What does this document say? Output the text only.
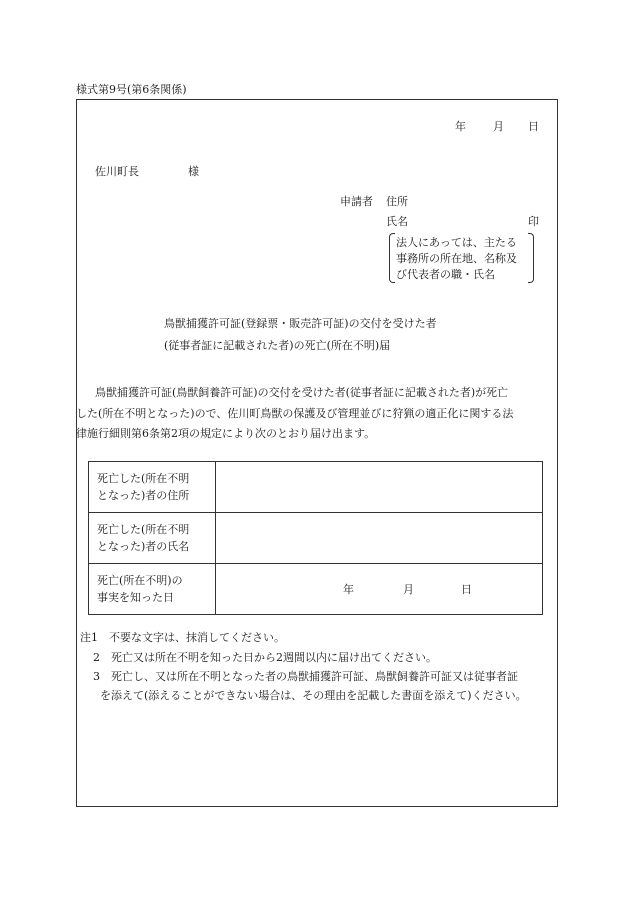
様式第9号(第6条関係)
年 月 日
佐川町長	様
申請者 住所
氏名	印
法人にあっては、主たる
事務所の所在地、名称及
び代表者の職・氏名
鳥獣捕獲許可証(登録票・販売許可証)の交付を受けた者
(従事者証に記載された者)の死亡(所在不明)届
鳥獣捕獲許可証(鳥獣飼養許可証)の交付を受けた者(従事者証に記載された者)が死亡
した(所在不明となった)ので、佐川町鳥獣の保護及び管理並びに狩猟の適正化に関する法
律施行細則第6条第2項の規定により次のとおり届け出ます。
死亡した(所在不明
となった)者の住所	

死亡した(所在不明
となった)者の氏名	

死亡(所在不明)の
事実を知った日	年 月 日
注1　不要な文字は、抹消してください。
2　死亡又は所在不明を知った日から2週間以内に届け出てください。
3　死亡し、又は所在不明となった者の鳥獣捕獲許可証、鳥獣飼養許可証又は従事者証
を添えて(添えることができない場合は、その理由を記載した書面を添えて)ください。
